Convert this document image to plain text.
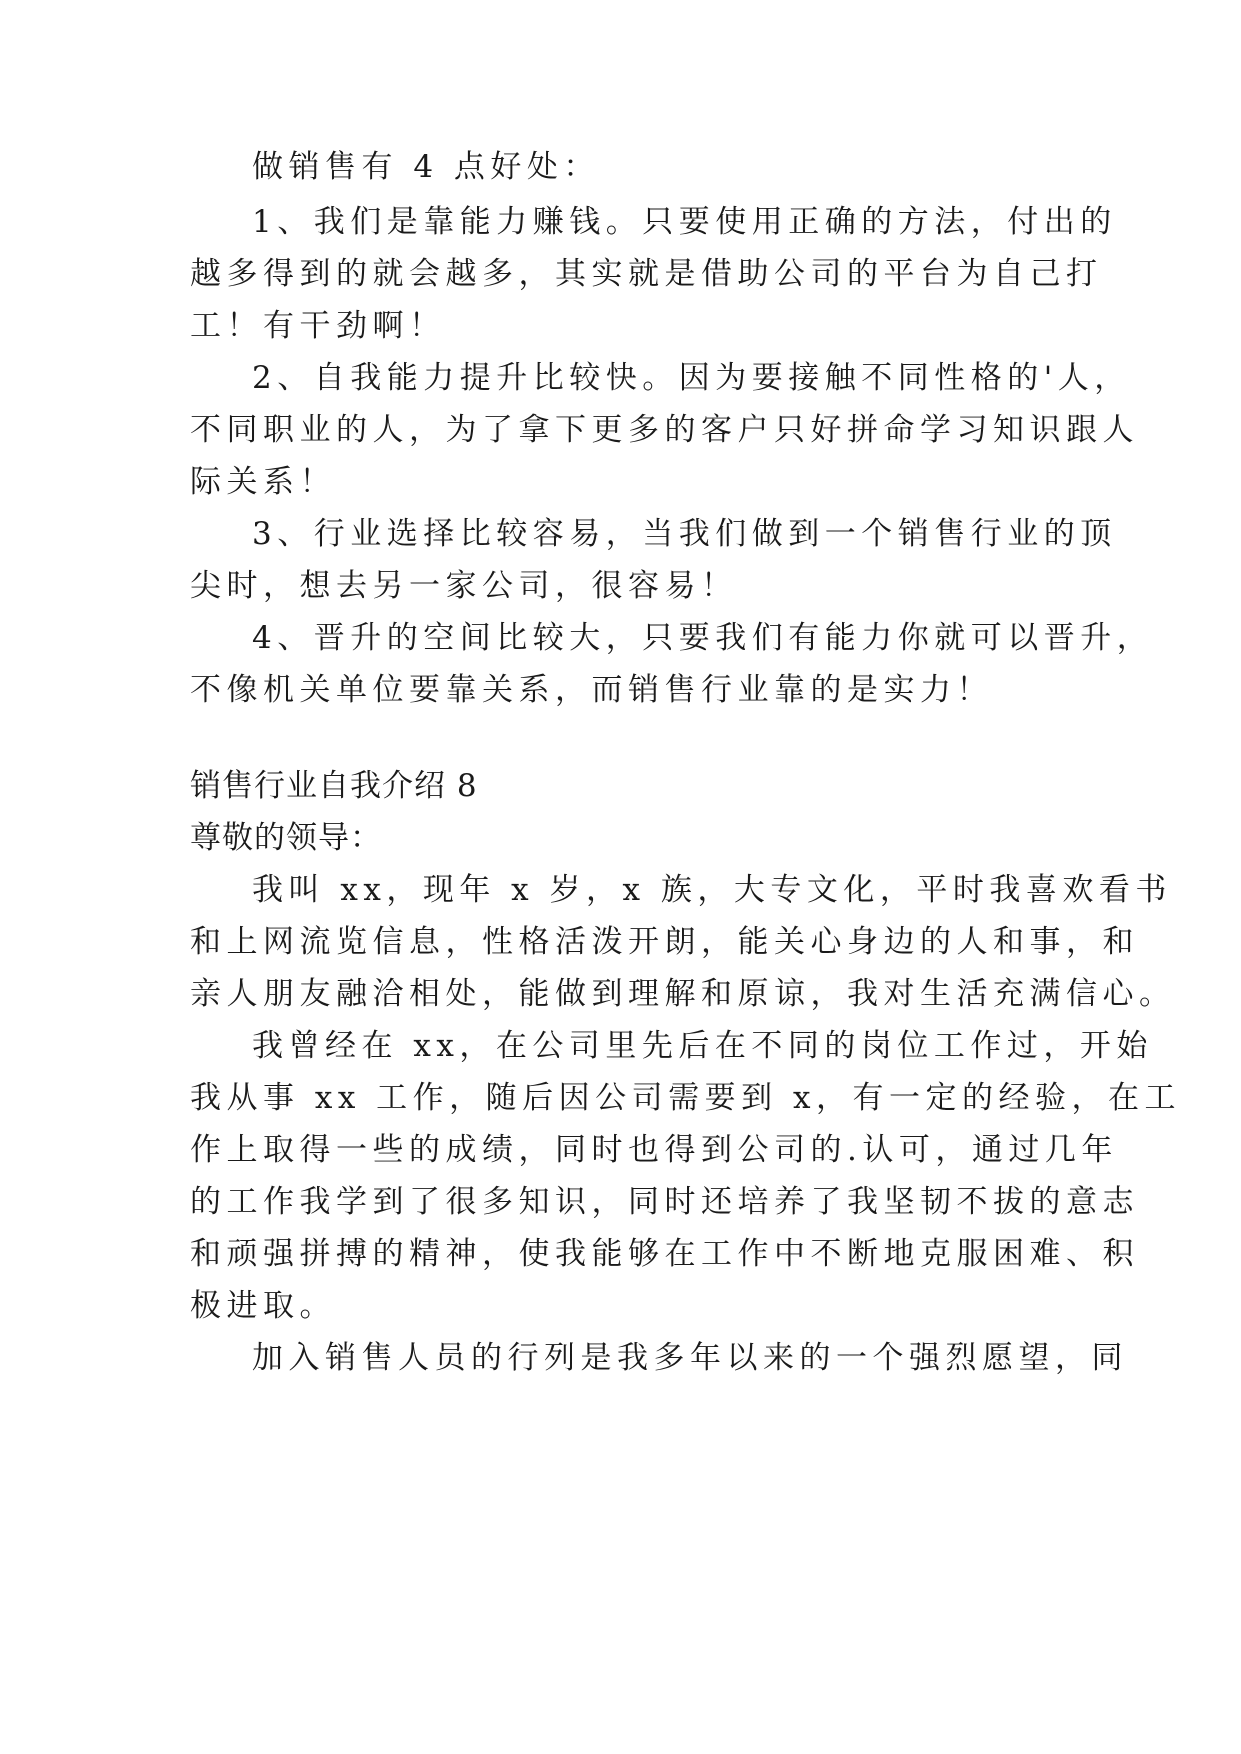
做销售有 4 点好处：
1、我们是靠能力赚钱。只要使用正确的方法，付出的
越多得到的就会越多，其实就是借助公司的平台为自己打
工！有干劲啊！
2、自我能力提升比较快。因为要接触不同性格的'人，
不同职业的人，为了拿下更多的客户只好拼命学习知识跟人
际关系！
3、行业选择比较容易，当我们做到一个销售行业的顶
尖时，想去另一家公司，很容易！
4、晋升的空间比较大，只要我们有能力你就可以晋升，
不像机关单位要靠关系，而销售行业靠的是实力！
销售行业自我介绍 8
尊敬的领导：
我叫 xx，现年 x 岁，x 族，大专文化，平时我喜欢看书
和上网流览信息，性格活泼开朗，能关心身边的人和事，和
亲人朋友融洽相处，能做到理解和原谅，我对生活充满信心。
我曾经在 xx，在公司里先后在不同的岗位工作过，开始
我从事 xx 工作，随后因公司需要到 x，有一定的经验，在工
作上取得一些的成绩，同时也得到公司的.认可，通过几年
的工作我学到了很多知识，同时还培养了我坚韧不拔的意志
和顽强拼搏的精神，使我能够在工作中不断地克服困难、积
极进取。
加入销售人员的行列是我多年以来的一个强烈愿望，同
